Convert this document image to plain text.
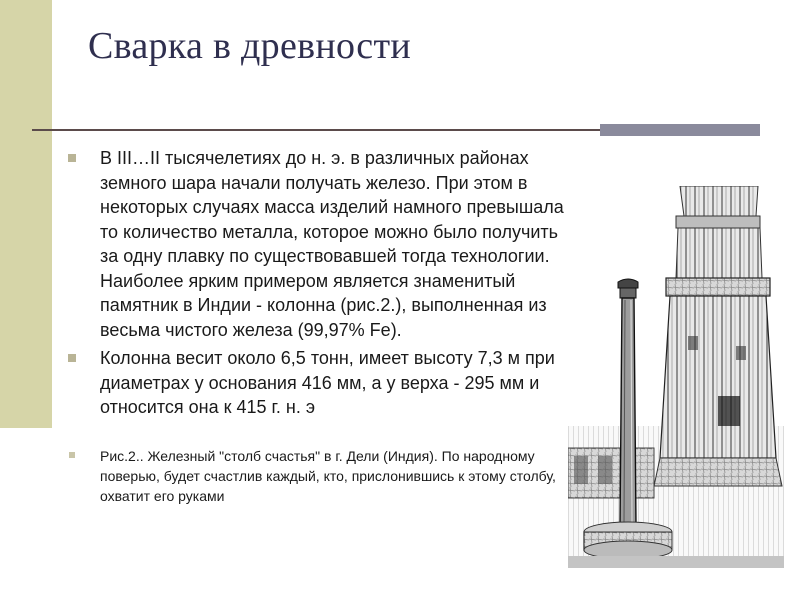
Сварка в древности
В III…II тысячелетиях до н. э. в различных районах земного шара начали получать железо. При этом в некоторых случаях масса изделий намного превышала то количество металла, которое можно было получить за одну плавку по существовавшей тогда технологии. Наиболее ярким примером является знаменитый памятник в Индии - колонна (рис.2.), выполненная из весьма чистого железа (99,97% Fe).
Колонна весит около 6,5 тонн, имеет высоту 7,3 м при диаметрах у основания 416 мм, а у верха - 295 мм и относится она к 415 г. н. э
Рис.2.. Железный "столб счастья" в г. Дели (Индия). По народному поверью, будет счастлив каждый, кто, прислонившись к этому столбу, охватит его руками
